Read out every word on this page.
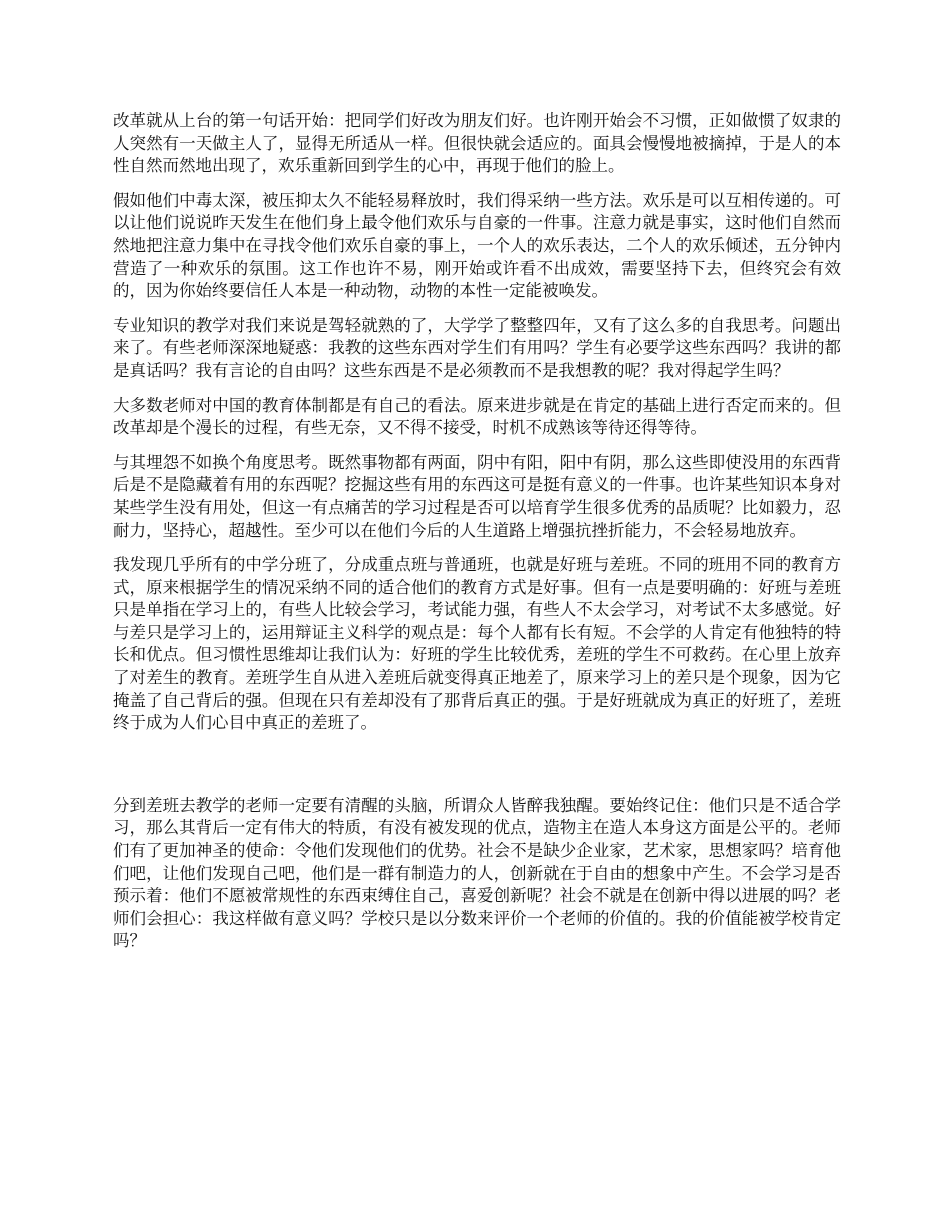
改革就从上台的第一句话开始：把同学们好改为朋友们好。也许刚开始会不习惯，正如做惯了奴隶的人突然有一天做主人了，显得无所适从一样。但很快就会适应的。面具会慢慢地被摘掉，于是人的本性自然而然地出现了，欢乐重新回到学生的心中，再现于他们的脸上。

假如他们中毒太深，被压抑太久不能轻易释放时，我们得采纳一些方法。欢乐是可以互相传递的。可以让他们说说昨天发生在他们身上最令他们欢乐与自豪的一件事。注意力就是事实，这时他们自然而然地把注意力集中在寻找令他们欢乐自豪的事上，一个人的欢乐表达，二个人的欢乐倾述，五分钟内营造了一种欢乐的氛围。这工作也许不易，刚开始或许看不出成效，需要坚持下去，但终究会有效的，因为你始终要信任人本是一种动物，动物的本性一定能被唤发。

专业知识的教学对我们来说是驾轻就熟的了，大学学了整整四年，又有了这么多的自我思考。问题出来了。有些老师深深地疑惑：我教的这些东西对学生们有用吗？学生有必要学这些东西吗？我讲的都是真话吗？我有言论的自由吗？这些东西是不是必须教而不是我想教的呢？我对得起学生吗？

大多数老师对中国的教育体制都是有自己的看法。原来进步就是在肯定的基础上进行否定而来的。但改革却是个漫长的过程，有些无奈，又不得不接受，时机不成熟该等待还得等待。

与其埋怨不如换个角度思考。既然事物都有两面，阴中有阳，阳中有阴，那么这些即使没用的东西背后是不是隐藏着有用的东西呢？挖掘这些有用的东西这可是挺有意义的一件事。也许某些知识本身对某些学生没有用处，但这一有点痛苦的学习过程是否可以培育学生很多优秀的品质呢？比如毅力，忍耐力，坚持心，超越性。至少可以在他们今后的人生道路上增强抗挫折能力，不会轻易地放弃。

我发现几乎所有的中学分班了，分成重点班与普通班，也就是好班与差班。不同的班用不同的教育方式，原来根据学生的情况采纳不同的适合他们的教育方式是好事。但有一点是要明确的：好班与差班只是单指在学习上的，有些人比较会学习，考试能力强，有些人不太会学习，对考试不太多感觉。好与差只是学习上的，运用辩证主义科学的观点是：每个人都有长有短。不会学的人肯定有他独特的特长和优点。但习惯性思维却让我们认为：好班的学生比较优秀，差班的学生不可救药。在心里上放弃了对差生的教育。差班学生自从进入差班后就变得真正地差了，原来学习上的差只是个现象，因为它掩盖了自己背后的强。但现在只有差却没有了那背后真正的强。于是好班就成为真正的好班了，差班终于成为人们心目中真正的差班了。

分到差班去教学的老师一定要有清醒的头脑，所谓众人皆醉我独醒。要始终记住：他们只是不适合学习，那么其背后一定有伟大的特质，有没有被发现的优点，造物主在造人本身这方面是公平的。老师们有了更加神圣的使命：令他们发现他们的优势。社会不是缺少企业家，艺术家，思想家吗？培育他们吧，让他们发现自己吧，他们是一群有制造力的人，创新就在于自由的想象中产生。不会学习是否预示着：他们不愿被常规性的东西束缚住自己，喜爱创新呢？社会不就是在创新中得以进展的吗？老师们会担心：我这样做有意义吗？学校只是以分数来评价一个老师的价值的。我的价值能被学校肯定吗？
